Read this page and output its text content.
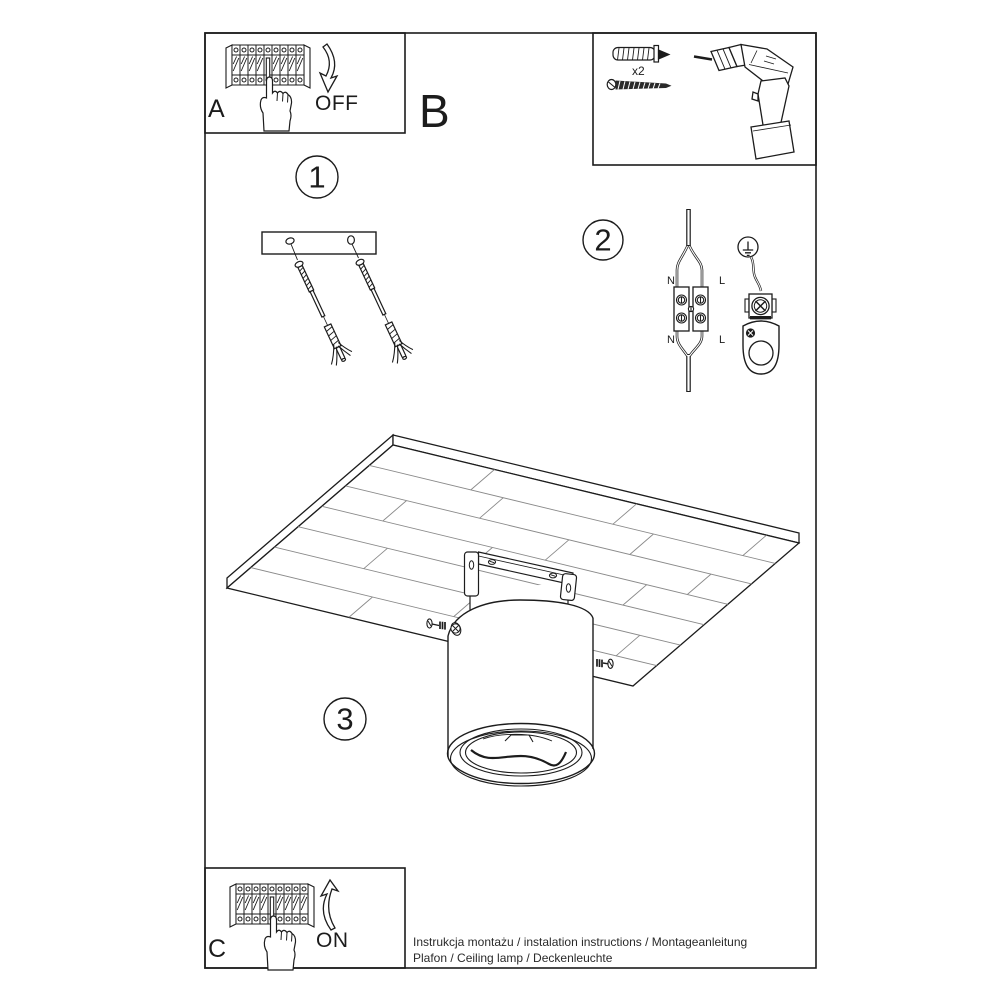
A	OFF B
C	ON
x2
1
2
3
N	L
N	L
Instrukcja montażu / instalation instructions / Montageanleitung
Plafon / Ceiling lamp / Deckenleuchte
